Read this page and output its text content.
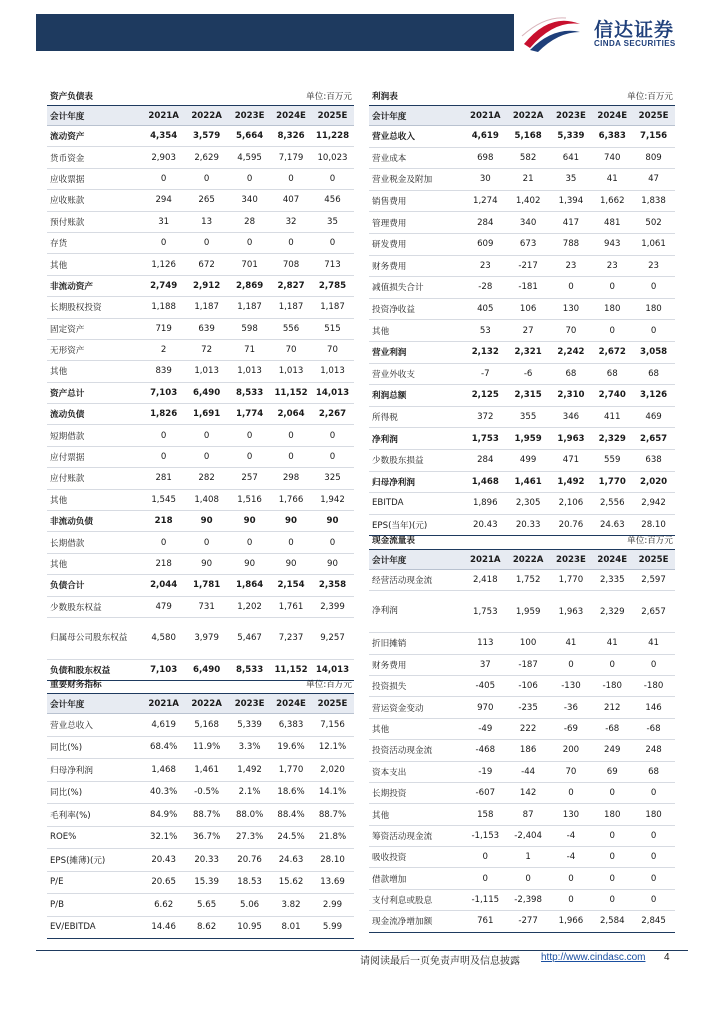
信达证券
CINDA SECURITIES
资产负债表			单位:百万元		
会计年度	2021A	2022A	2023E	2024E	2025E
流动资产	4,354	3,579	5,664	8,326	11,228
货币资金	2,903	2,629	4,595	7,179	10,023
应收票据	0	0	0	0	0
应收账款	294	265	340	407	456
预付账款	31	13	28	32	35
存货	0	0	0	0	0
其他	1,126	672	701	708	713
非流动资产	2,749	2,912	2,869	2,827	2,785
长期股权投资	1,188	1,187	1,187	1,187	1,187
固定资产	719	639	598	556	515
无形资产	2	72	71	70	70
其他	839	1,013	1,013	1,013	1,013
资产总计	7,103	6,490	8,533	11,152	14,013
流动负债	1,826	1,691	1,774	2,064	2,267
短期借款	0	0	0	0	0
应付票据	0	0	0	0	0
应付账款	281	282	257	298	325
其他	1,545	1,408	1,516	1,766	1,942
非流动负债	218	90	90	90	90
长期借款	0	0	0	0	0
其他	218	90	90	90	90
负债合计	2,044	1,781	1,864	2,154	2,358
少数股东权益	479	731	1,202	1,761	2,399
归属母公司股东权益	4,580	3,979	5,467	7,237	9,257
负债和股东权益	7,103	6,490	8,533	11,152	14,013
重要财务指标			单位:百万元		
会计年度	2021A	2022A	2023E	2024E	2025E
营业总收入	4,619	5,168	5,339	6,383	7,156
同比(%)	68.4%	11.9%	3.3%	19.6%	12.1%
归母净利润	1,468	1,461	1,492	1,770	2,020
同比(%)	40.3%	-0.5%	2.1%	18.6%	14.1%
毛利率(%)	84.9%	88.7%	88.0%	88.4%	88.7%
ROE%	32.1%	36.7%	27.3%	24.5%	21.8%
EPS(摊薄)(元)	20.43	20.33	20.76	24.63	28.10
P/E	20.65	15.39	18.53	15.62	13.69
P/B	6.62	5.65	5.06	3.82	2.99
EV/EBITDA	14.46	8.62	10.95	8.01	5.99
利润表			单位:百万元		
会计年度	2021A	2022A	2023E	2024E	2025E
营业总收入	4,619	5,168	5,339	6,383	7,156
营业成本	698	582	641	740	809
营业税金及附加	30	21	35	41	47
销售费用	1,274	1,402	1,394	1,662	1,838
管理费用	284	340	417	481	502
研发费用	609	673	788	943	1,061
财务费用	23	-217	23	23	23
减值损失合计	-28	-181	0	0	0
投资净收益	405	106	130	180	180
其他	53	27	70	0	0
营业利润	2,132	2,321	2,242	2,672	3,058
营业外收支	-7	-6	68	68	68
利润总额	2,125	2,315	2,310	2,740	3,126
所得税	372	355	346	411	469
净利润	1,753	1,959	1,963	2,329	2,657
少数股东损益	284	499	471	559	638
归母净利润	1,468	1,461	1,492	1,770	2,020
EBITDA	1,896	2,305	2,106	2,556	2,942
EPS(当年)(元)	20.43	20.33	20.76	24.63	28.10
现金流量表			单位:百万元		
会计年度	2021A	2022A	2023E	2024E	2025E
经营活动现金流	2,418	1,752	1,770	2,335	2,597
净利润	1,753	1,959	1,963	2,329	2,657
折旧摊销	113	100	41	41	41
财务费用	37	-187	0	0	0
投资损失	-405	-106	-130	-180	-180
营运资金变动	970	-235	-36	212	146
其他	-49	222	-69	-68	-68
投资活动现金流	-468	186	200	249	248
资本支出	-19	-44	70	69	68
长期投资	-607	142	0	0	0
其他	158	87	130	180	180
筹资活动现金流	-1,153	-2,404	-4	0	0
吸收投资	0	1	-4	0	0
借款增加	0	0	0	0	0
支付利息或股息	-1,115	-2,398	0	0	0
现金流净增加额	761	-277	1,966	2,584	2,845
请阅读最后一页免责声明及信息披露 http://www.cindasc.com 4
